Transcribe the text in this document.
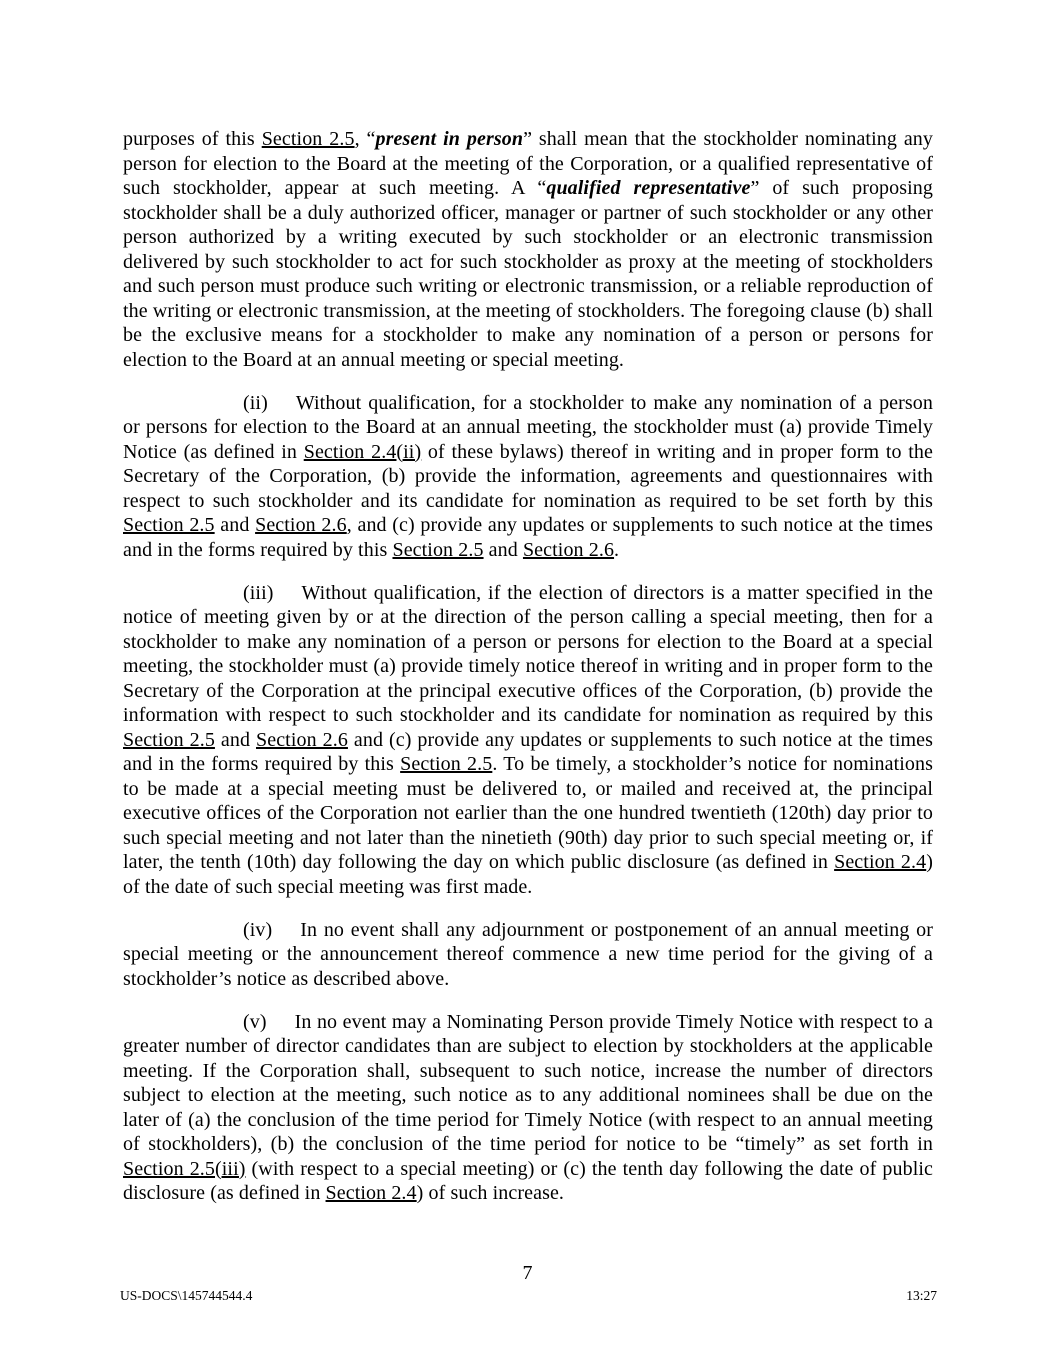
purposes of this Section 2.5, “present in person” shall mean that the stockholder nominating any person for election to the Board at the meeting of the Corporation, or a qualified representative of such stockholder, appear at such meeting. A “qualified representative” of such proposing stockholder shall be a duly authorized officer, manager or partner of such stockholder or any other person authorized by a writing executed by such stockholder or an electronic transmission delivered by such stockholder to act for such stockholder as proxy at the meeting of stockholders and such person must produce such writing or electronic transmission, or a reliable reproduction of the writing or electronic transmission, at the meeting of stockholders. The foregoing clause (b) shall be the exclusive means for a stockholder to make any nomination of a person or persons for election to the Board at an annual meeting or special meeting.

(ii) Without qualification, for a stockholder to make any nomination of a person or persons for election to the Board at an annual meeting, the stockholder must (a) provide Timely Notice (as defined in Section 2.4(ii) of these bylaws) thereof in writing and in proper form to the Secretary of the Corporation, (b) provide the information, agreements and questionnaires with respect to such stockholder and its candidate for nomination as required to be set forth by this Section 2.5 and Section 2.6, and (c) provide any updates or supplements to such notice at the times and in the forms required by this Section 2.5 and Section 2.6.

(iii) Without qualification, if the election of directors is a matter specified in the notice of meeting given by or at the direction of the person calling a special meeting, then for a stockholder to make any nomination of a person or persons for election to the Board at a special meeting, the stockholder must (a) provide timely notice thereof in writing and in proper form to the Secretary of the Corporation at the principal executive offices of the Corporation, (b) provide the information with respect to such stockholder and its candidate for nomination as required by this Section 2.5 and Section 2.6 and (c) provide any updates or supplements to such notice at the times and in the forms required by this Section 2.5. To be timely, a stockholder’s notice for nominations to be made at a special meeting must be delivered to, or mailed and received at, the principal executive offices of the Corporation not earlier than the one hundred twentieth (120th) day prior to such special meeting and not later than the ninetieth (90th) day prior to such special meeting or, if later, the tenth (10th) day following the day on which public disclosure (as defined in Section 2.4) of the date of such special meeting was first made.

(iv) In no event shall any adjournment or postponement of an annual meeting or special meeting or the announcement thereof commence a new time period for the giving of a stockholder’s notice as described above.

(v) In no event may a Nominating Person provide Timely Notice with respect to a greater number of director candidates than are subject to election by stockholders at the applicable meeting. If the Corporation shall, subsequent to such notice, increase the number of directors subject to election at the meeting, such notice as to any additional nominees shall be due on the later of (a) the conclusion of the time period for Timely Notice (with respect to an annual meeting of stockholders), (b) the conclusion of the time period for notice to be “timely” as set forth in Section 2.5(iii) (with respect to a special meeting) or (c) the tenth day following the date of public disclosure (as defined in Section 2.4) of such increase.

7
US-DOCS\145744544.4	13:27
